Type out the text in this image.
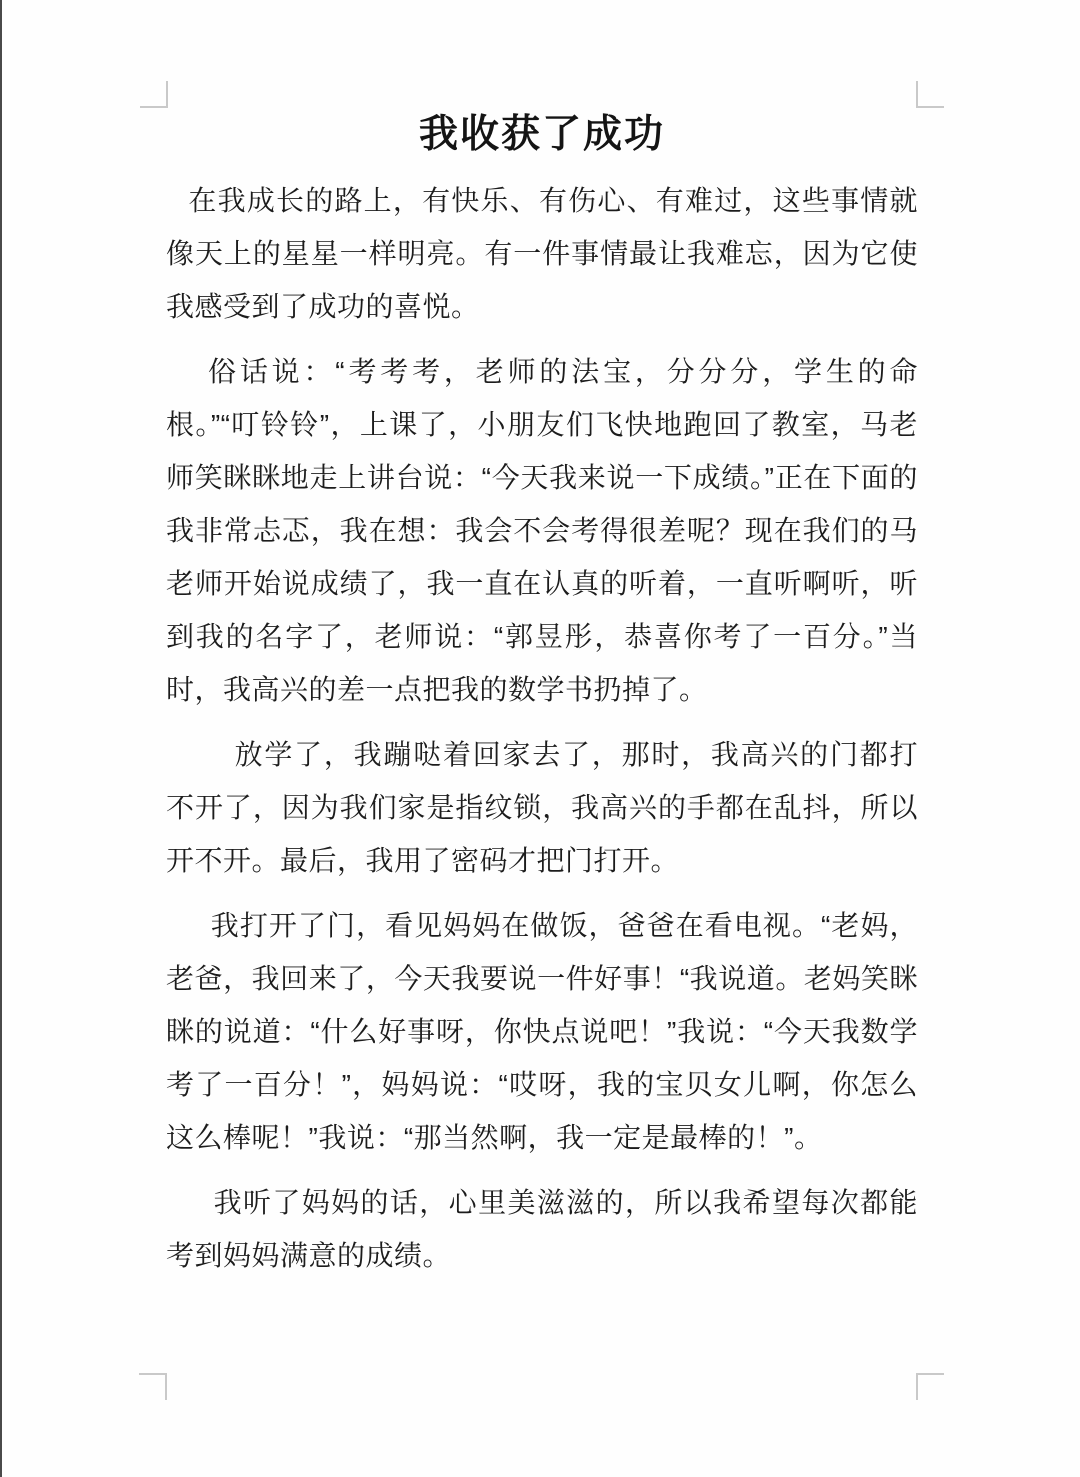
我收获了成功

在我成长的路上，有快乐、有伤心、有难过，这些事情就像天上的星星一样明亮。有一件事情最让我难忘，因为它使我感受到了成功的喜悦。

俗话说：“考考考，老师的法宝，分分分，学生的命根。”“叮铃铃”，上课了，小朋友们飞快地跑回了教室，马老师笑眯眯地走上讲台说：“今天我来说一下成绩。”正在下面的我非常忐忑，我在想：我会不会考得很差呢？现在我们的马老师开始说成绩了，我一直在认真的听着，一直听啊听，听到我的名字了，老师说：“郭昱彤，恭喜你考了一百分。”当时，我高兴的差一点把我的数学书扔掉了。

放学了，我蹦哒着回家去了，那时，我高兴的门都打不开了，因为我们家是指纹锁，我高兴的手都在乱抖，所以开不开。最后，我用了密码才把门打开。

我打开了门，看见妈妈在做饭，爸爸在看电视。“老妈，老爸，我回来了，今天我要说一件好事！“我说道。老妈笑眯眯的说道：“什么好事呀，你快点说吧！”我说：“今天我数学考了一百分！”，妈妈说：“哎呀，我的宝贝女儿啊，你怎么这么棒呢！”我说：“那当然啊，我一定是最棒的！”。

我听了妈妈的话，心里美滋滋的，所以我希望每次都能考到妈妈满意的成绩。
